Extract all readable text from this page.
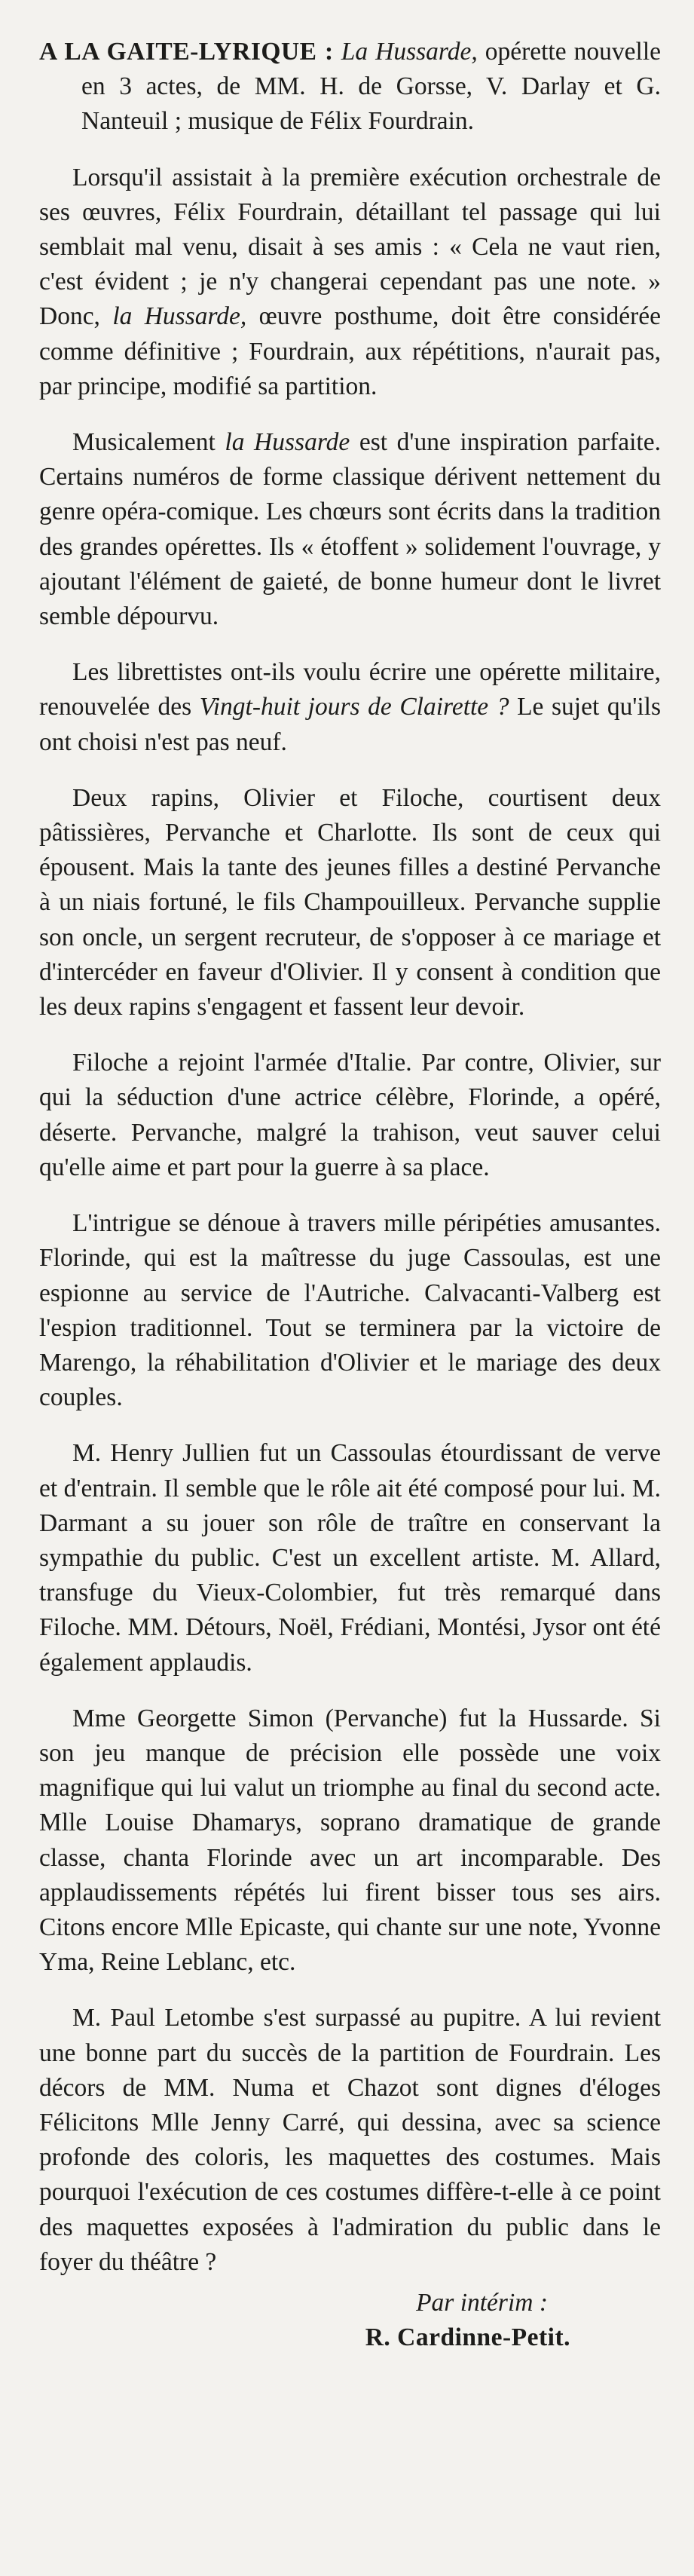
A LA GAITE-LYRIQUE : La Hussarde, opérette nouvelle en 3 actes, de MM. H. de Gorsse, V. Darlay et G. Nanteuil ; musique de Félix Fourdrain.

Lorsqu'il assistait à la première exécution orchestrale de ses œuvres, Félix Fourdrain, détaillant tel passage qui lui semblait mal venu, disait à ses amis : « Cela ne vaut rien, c'est évident ; je n'y changerai cependant pas une note. » Donc, la Hussarde, œuvre posthume, doit être considérée comme définitive ; Fourdrain, aux répétitions, n'aurait pas, par principe, modifié sa partition.

Musicalement la Hussarde est d'une inspiration parfaite. Certains numéros de forme classique dérivent nettement du genre opéra-comique. Les chœurs sont écrits dans la tradition des grandes opérettes. Ils « étoffent » solidement l'ouvrage, y ajoutant l'élément de gaieté, de bonne humeur dont le livret semble dépourvu.

Les librettistes ont-ils voulu écrire une opérette militaire, renouvelée des Vingt-huit jours de Clairette ? Le sujet qu'ils ont choisi n'est pas neuf.

Deux rapins, Olivier et Filoche, courtisent deux pâtissières, Pervanche et Charlotte. Ils sont de ceux qui épousent. Mais la tante des jeunes filles a destiné Pervanche à un niais fortuné, le fils Champouilleux. Pervanche supplie son oncle, un sergent recruteur, de s'opposer à ce mariage et d'intercéder en faveur d'Olivier. Il y consent à condition que les deux rapins s'engagent et fassent leur devoir.

Filoche a rejoint l'armée d'Italie. Par contre, Olivier, sur qui la séduction d'une actrice célèbre, Florinde, a opéré, déserte. Pervanche, malgré la trahison, veut sauver celui qu'elle aime et part pour la guerre à sa place.

L'intrigue se dénoue à travers mille péripéties amusantes. Florinde, qui est la maîtresse du juge Cassoulas, est une espionne au service de l'Autriche. Calvacanti-Valberg est l'espion traditionnel. Tout se terminera par la victoire de Marengo, la réhabilitation d'Olivier et le mariage des deux couples.

M. Henry Jullien fut un Cassoulas étourdissant de verve et d'entrain. Il semble que le rôle ait été composé pour lui. M. Darmant a su jouer son rôle de traître en conservant la sympathie du public. C'est un excellent artiste. M. Allard, transfuge du Vieux-Colombier, fut très remarqué dans Filoche. MM. Détours, Noël, Frédiani, Montési, Jysor ont été également applaudis.

Mme Georgette Simon (Pervanche) fut la Hussarde. Si son jeu manque de précision elle possède une voix magnifique qui lui valut un triomphe au final du second acte. Mlle Louise Dhamarys, soprano dramatique de grande classe, chanta Florinde avec un art incomparable. Des applaudissements répétés lui firent bisser tous ses airs. Citons encore Mlle Epicaste, qui chante sur une note, Yvonne Yma, Reine Leblanc, etc.

M. Paul Letombe s'est surpassé au pupitre. A lui revient une bonne part du succès de la partition de Fourdrain. Les décors de MM. Numa et Chazot sont dignes d'éloges Félicitons Mlle Jenny Carré, qui dessina, avec sa science profonde des coloris, les maquettes des costumes. Mais pourquoi l'exécution de ces costumes diffère-t-elle à ce point des maquettes exposées à l'admiration du public dans le foyer du théâtre ?

Par intérim :
R. Cardinne-Petit.
